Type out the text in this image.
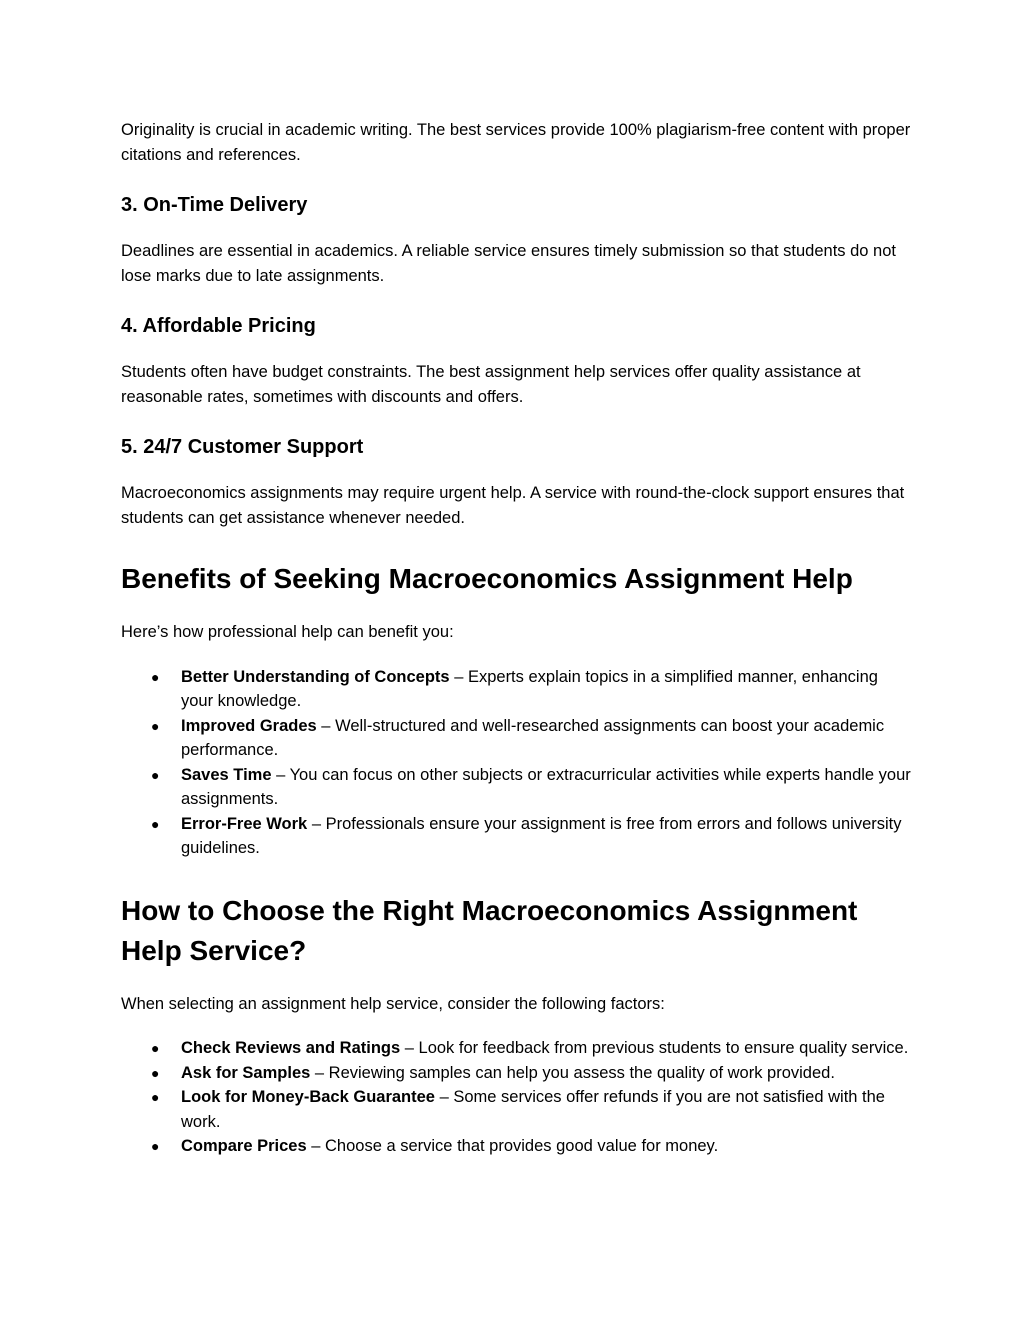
Originality is crucial in academic writing. The best services provide 100% plagiarism-free content with proper citations and references.

3. On-Time Delivery

Deadlines are essential in academics. A reliable service ensures timely submission so that students do not lose marks due to late assignments.

4. Affordable Pricing

Students often have budget constraints. The best assignment help services offer quality assistance at reasonable rates, sometimes with discounts and offers.

5. 24/7 Customer Support

Macroeconomics assignments may require urgent help. A service with round-the-clock support ensures that students can get assistance whenever needed.

Benefits of Seeking Macroeconomics Assignment Help

Here’s how professional help can benefit you:

● Better Understanding of Concepts – Experts explain topics in a simplified manner, enhancing your knowledge.
● Improved Grades – Well-structured and well-researched assignments can boost your academic performance.
● Saves Time – You can focus on other subjects or extracurricular activities while experts handle your assignments.
● Error-Free Work – Professionals ensure your assignment is free from errors and follows university guidelines.
How to Choose the Right Macroeconomics Assignment Help Service?

When selecting an assignment help service, consider the following factors:

● Check Reviews and Ratings – Look for feedback from previous students to ensure quality service.
● Ask for Samples – Reviewing samples can help you assess the quality of work provided.
● Look for Money-Back Guarantee – Some services offer refunds if you are not satisfied with the work.
● Compare Prices – Choose a service that provides good value for money.
